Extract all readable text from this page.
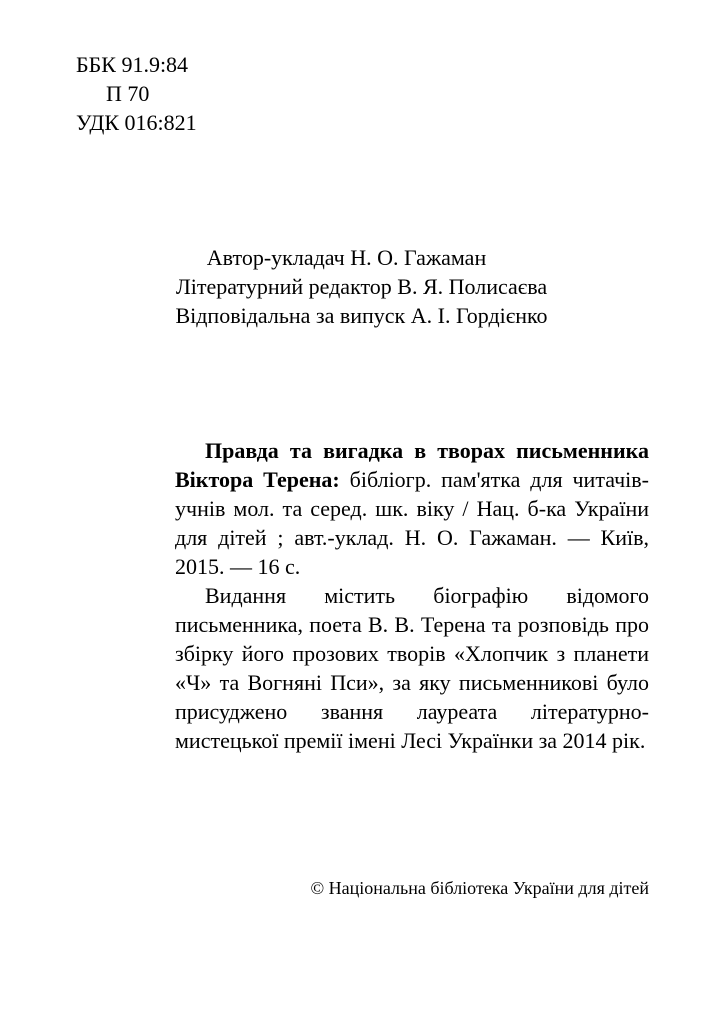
ББК 91.9:84
П 70
УДК 016:821
Автор-укладач Н. О. Гажаман
Літературний редактор В. Я. Полисаєва
Відповідальна за випуск А. І. Гордієнко

Правда та вигадка в творах письменника Віктора Терена: бібліогр. пам'ятка для читачів-учнів мол. та серед. шк. віку / Нац. б-ка України для дітей ; авт.-уклад. Н. О. Гажаман. — Київ, 2015. — 16 с.

Видання містить біографію відомого письменника, поета В. В. Терена та розповідь про збірку його прозових творів «Хлопчик з планети «Ч» та Вогняні Пси», за яку письменникові було присуджено звання лауреата літературно-мистецької премії імені Лесі Українки за 2014 рік.

© Національна бібліотека України для дітей
